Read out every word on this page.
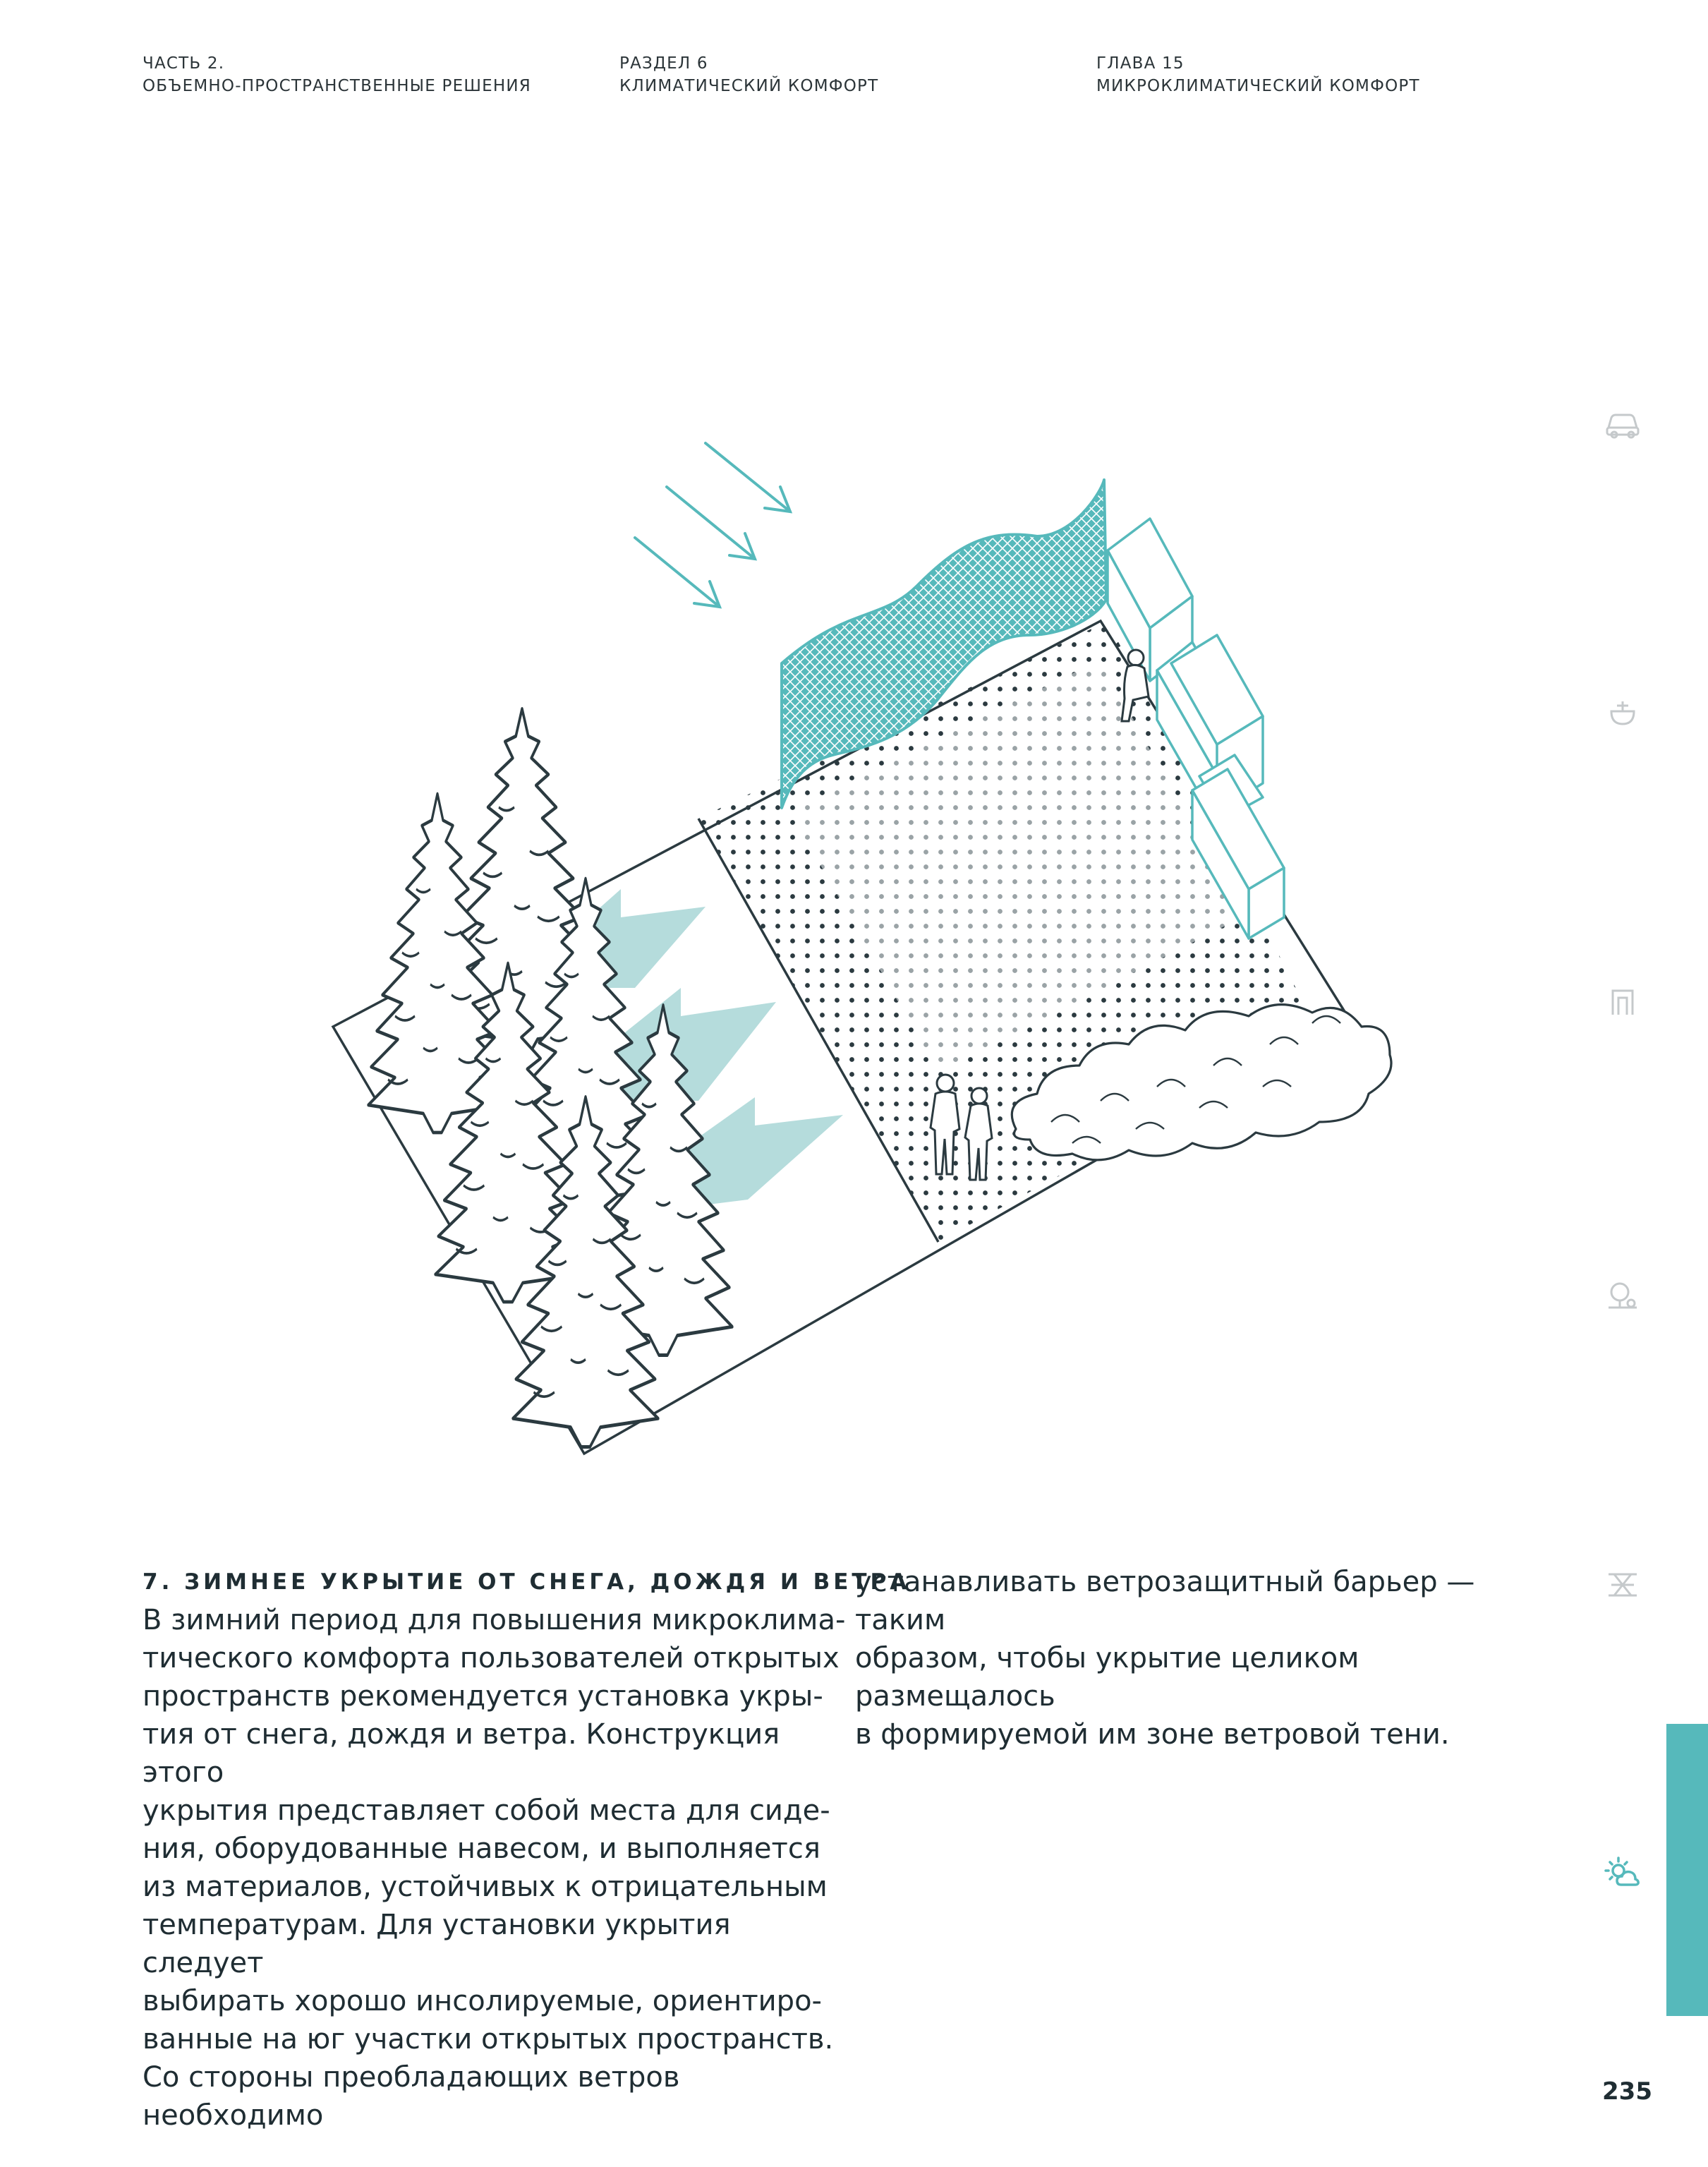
ЧАСТЬ 2.
ОБЪЕМНО-ПРОСТРАНСТВЕННЫЕ РЕШЕНИЯ
РАЗДЕЛ 6
КЛИМАТИЧЕСКИЙ КОМФОРТ
ГЛАВА 15
МИКРОКЛИМАТИЧЕСКИЙ КОМФОРТ

7. ЗИМНЕЕ УКРЫТИЕ ОТ СНЕГА, ДОЖДЯ И ВЕТРА

В зимний период для повышения микроклима-

тического комфорта пользователей открытых

пространств рекомендуется установка укры-

тия от снега, дождя и ветра. Конструкция этого

укрытия представляет собой места для сиде-

ния, оборудованные навесом, и выполняется

из материалов, устойчивых к отрицательным

температурам. Для установки укрытия следует

выбирать хорошо инсолируемые, ориентиро-

ванные на юг участки открытых пространств.

Со стороны преобладающих ветров необходимо

устанавливать ветрозащитный барьер — таким

образом, чтобы укрытие целиком размещалось

в формируемой им зоне ветровой тени.

235
